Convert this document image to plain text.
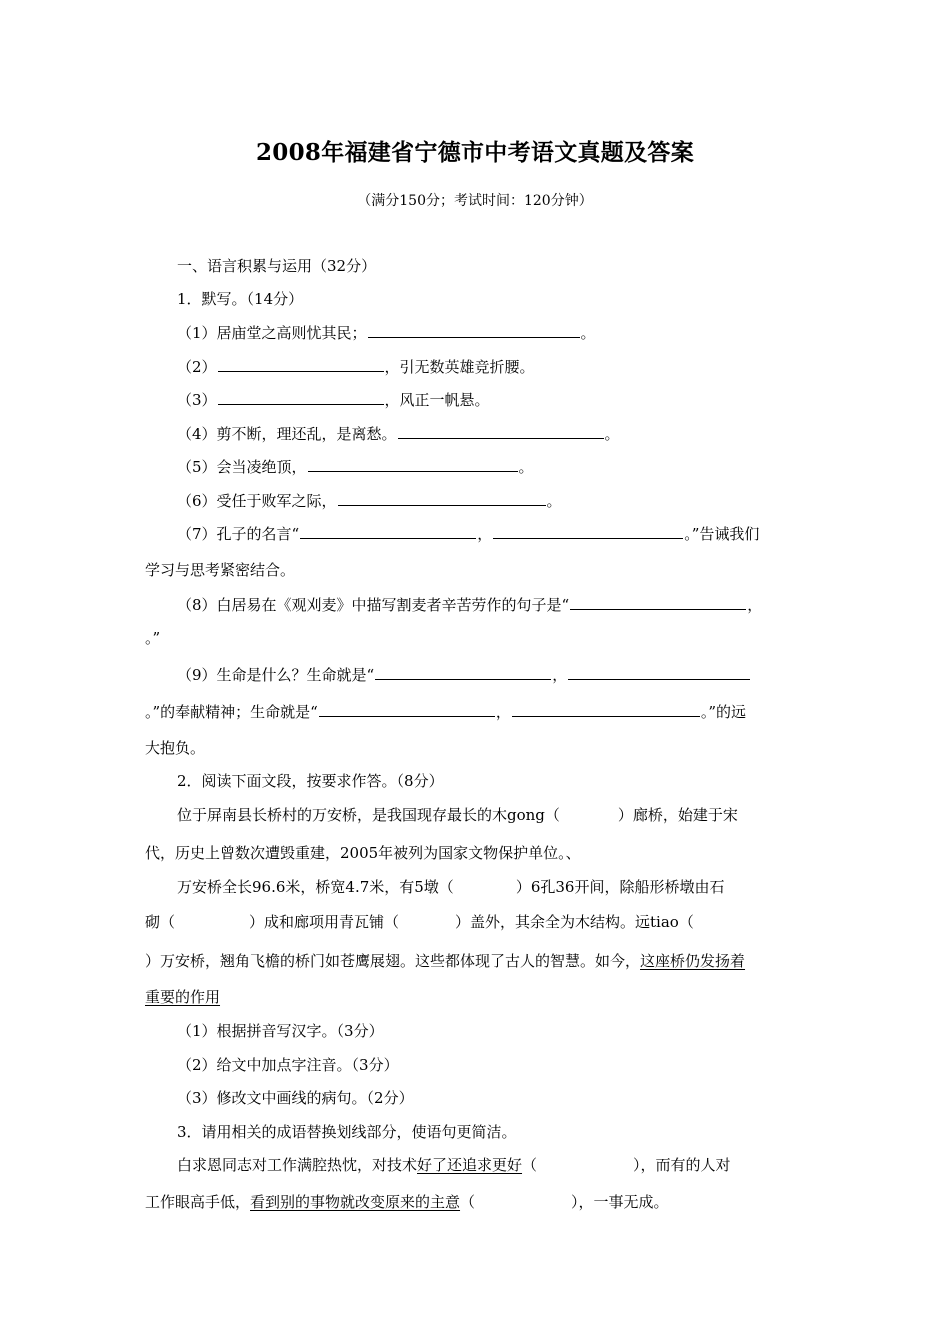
2008年福建省宁德市中考语文真题及答案
（满分150分；考试时间：120分钟）
一、语言积累与运用（32分）
1．默写。（14分）
（1）居庙堂之高则忧其民；	。
（2）	，引无数英雄竞折腰。
（3）	，风正一帆悬。
（4）剪不断，理还乱，是离愁。	。
（5）会当凌绝顶，	。
（6）受任于败军之际，	。
（7）孔子的名言“	，	。”告诫我们
学习与思考紧密结合。
（8）白居易在《观刈麦》中描写割麦者辛苦劳作的句子是“	，
。”
（9）生命是什么？生命就是“	，
。”的奉献精神；生命就是“	，	。”的远
大抱负。
2．阅读下面文段，按要求作答。（8分）
位于屏南县长桥村的万安桥，是我国现存最长的木gong（	）廊桥，始建于宋
代，历史上曾数次遭毁重建，2005年被列为国家文物保护单位。、
万安桥全长96.6米，桥宽4.7米，有5墩（	）6孔36开间，除船形桥墩由石
砌（	）成和廊项用青瓦铺（	）盖外，其余全为木结构。远tiao（
）万安桥，翘角飞檐的桥门如苍鹰展翅。这些都体现了古人的智慧。如今，这座桥仍发扬着
重要的作用
（1）根据拼音写汉字。（3分）
（2）给文中加点字注音。（3分）
（3）修改文中画线的病句。（2分）
3．请用相关的成语替换划线部分，使语句更简洁。
白求恩同志对工作满腔热忱，对技术好了还追求更好（	），而有的人对
工作眼高手低，看到别的事物就改变原来的主意（	），一事无成。
